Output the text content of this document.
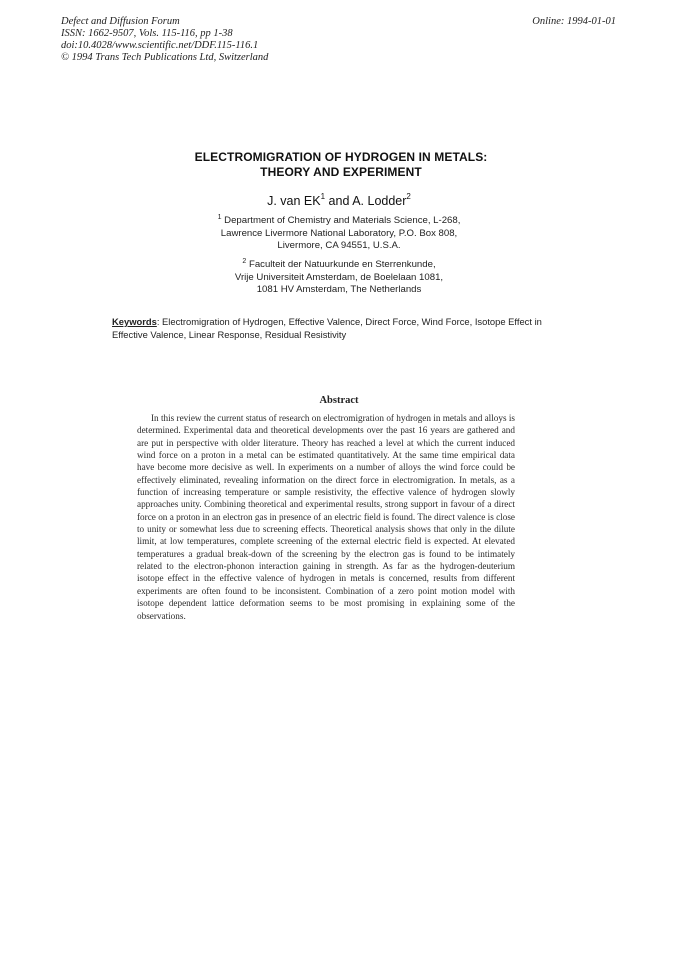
Defect and Diffusion Forum
ISSN: 1662-9507, Vols. 115-116, pp 1-38
doi:10.4028/www.scientific.net/DDF.115-116.1
© 1994 Trans Tech Publications Ltd, Switzerland
Online: 1994-01-01
ELECTROMIGRATION OF HYDROGEN IN METALS:
THEORY AND EXPERIMENT
J. van $EK^1$ and A. Lodder$^2$
$^1$ Department of Chemistry and Materials Science, L-268,
Lawrence Livermore National Laboratory, P.O. Box 808,
Livermore, CA 94551, U.S.A.
$^2$ Faculteit der Natuurkunde en Sterrenkunde,
Vrije Universiteit Amsterdam, de Boelelaan 1081,
1081 HV Amsterdam, The Netherlands
Keywords: Electromigration of Hydrogen, Effective Valence, Direct Force, Wind Force, Isotope Effect in Effective Valence, Linear Response, Residual Resistivity
Abstract

In this review the current status of research on electromigration of hydrogen in metals and alloys is determined. Experimental data and theoretical developments over the past 16 years are gathered and are put in perspective with older literature. Theory has reached a level at which the current induced wind force on a proton in a metal can be estimated quantitatively. At the same time empirical data have become more decisive as well. In experiments on a number of alloys the wind force could be effectively eliminated, revealing information on the direct force in electromigration. In metals, as a function of increasing temperature or sample resistivity, the effective valence of hydrogen slowly approaches unity. Combining theoretical and experimental results, strong support in favour of a direct force on a proton in an electron gas in presence of an electric field is found. The direct valence is close to unity or somewhat less due to screening effects. Theoretical analysis shows that only in the dilute limit, at low temperatures, complete screening of the external electric field is expected. At elevated temperatures a gradual break-down of the screening by the electron gas is found to be intimately related to the electron-phonon interaction gaining in strength. As far as the hydrogen-deuterium isotope effect in the effective valence of hydrogen in metals is concerned, results from different experiments are often found to be inconsistent. Combination of a zero point motion model with isotope dependent lattice deformation seems to be most promising in explaining some of the observations.
